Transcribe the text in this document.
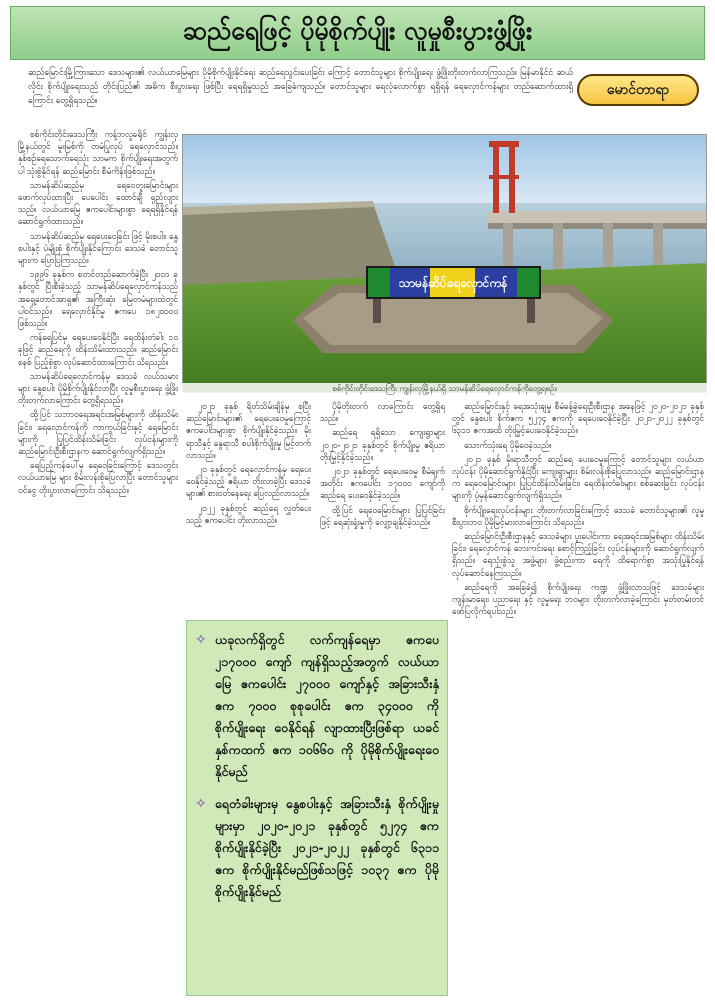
ဆည်ရေဖြင့် ပိုမိုစိုက်ပျိုး လူမှုစီးပွားဖွံ့ဖြိုး
ဆည်မြောင်းမြို့ကြားသော ဒေသများ၏ လယ်ယာမြေများ ပိုမိုစိုက်ပျိုးနိုင်ရေး ဆည်ရေသွင်းပေးခြင်း ကြောင့် တောင်သူများ စိုက်ပျိုးရေး ဖွံ့ဖြိုးတိုးတက်လာကြသည်။ မြန်မာနိုင်ငံ ဆယ်လိုင်း စိုက်ပျိုးရေးသည် တိုင်းပြည်၏ အဓိက စီးပွားရေး ဖြစ်ပြီး ရေရရှိမှုသည် အခြေခံကျသည်။ တောင်သူများ ရေလုံလောက်စွာ ရရှိရန် ရေလှောင်ကန်များ တည်ဆောက်ထားရှိကြောင်း တွေ့ရှိရသည်။
မောင်တာရာ

စစ်ကိုင်းတိုင်းဒေသကြီး ကန့်ဘလူခရိုင် ကျွန်းလှမြို့နယ်တွင် မူးမြစ်ကို တမံပြုလုပ် ရေလှောင်သည်။ နှစ်စဉ်ရေသောက်ရေသုံး သာမက စိုက်ပျိုးရေးအတွက်ပါ သုံးစွဲနိုင်ရန် ဆည်မြောင်း စီမံကိန်းဖြစ်သည်။

သာမန်ဆိပ်ဆည်မှ ရေဝေတူးမြောင်းများ ဖောက်လုပ်ထားပြီး ပေပေါင်း ထောင်ချီ ရှည်လျားသည်။ လယ်ယာမြေ ဧကပေါင်းများစွာ ရေရရှိနိုင်ရန် ဆောင်ရွက်ထားသည်။

သာမန်ဆိပ်ဆည်မှ ရေပေးဝေခြင်း ဖြင့် မိုးစပါး၊ နွေစပါးနှင့် ပဲမျိုးစုံ စိုက်ပျိုးနိုင်ကြောင်း ဒေသခံ တောင်သူများက ပြောပြကြသည်။

၁၉၉၆ ခုနှစ်က စတင်တည်ဆောက်ခဲ့ပြီး ၂၀၀၁ ခုနှစ်တွင် ပြီးစီးခဲ့သည့် သာမန်ဆိပ်ရေလှောင်ကန်သည် အရှေ့တောင်အာရှ၏ အကြီးဆုံး မြေတမံများထဲတွင် ပါဝင်သည်။ ရေလှောင်နိုင်မှု ဧကပေ ၁၈၂၀၀၀၀ ဖြစ်သည်။

ကန်ရေပြင်မှ ရေပေးဝေနိုင်ပြီး ရေထိန်းတံခါး ၁၀ ခုဖြင့် ဆည်ရေကို ထိန်းသိမ်းထားသည်။ ဆည်မြောင်းစနစ် ပြည့်စုံစွာ လုပ်ဆောင်ထားကြောင်း သိရသည်။

သာမန်ဆိပ်ရေလှောင်ကန်မှ ဒေသခံ လယ်သမားများ နွေစပါး ပိုမိုစိုက်ပျိုးနိုင်လာပြီး လူမှုစီးပွားရေး ဖွံ့ဖြိုးတိုးတက်လာကြောင်း တွေ့ရှိရသည်။

ထို့ပြင် သဘာဝရေအရင်းအမြစ်များကို ထိန်းသိမ်းခြင်း၊ ရေလှောင်ကန်ကို ကာကွယ်ခြင်းနှင့် ရေမြောင်းများကို ပြုပြင်ထိန်းသိမ်းခြင်း လုပ်ငန်းများကို ဆည်မြောင်းဦးစီးဌာနက ဆောင်ရွက်လျက်ရှိသည်။

ရေပြည့်ကန်ပေါ်မှ ရေဝေခြင်းကြောင့် ဒေသတွင်း လယ်ယာမြေ များ စိမ်းလန်းစိုပြေလာပြီး တောင်သူများ ဝင်ငွေ တိုးပွားလာကြောင်း သိရသည်။

သာမန်ဆိပ်ရေလှောင်ကန်
စစ်ကိုင်းတိုင်းဒေသကြီး ကျွန်းလှမြို့နယ်ရှိ သာမန်ဆိပ်ရေလှောင်ကန်ကိုတွေ့ရစဉ်။

၂၀၂၁ ခုနှစ် ရိတ်သိမ်းချိန်မှ စပြီး ဆည်မြောင်းများ၏ ရေပေးဝေမှုကြောင့် ဧကပေါင်းများစွာ စိုက်ပျိုးနိုင်ခဲ့သည်။ မိုးရာသီနှင့် နွေရာသီ စပါးစိုက်ပျိုးမှု မြင့်တက်လာသည်။

၂၀ ခုနှစ်တွင် ရေလှောင်ကန်မှ ရေပေးဝေနိုင်ခဲ့သည့် ဧရိယာ တိုးလာခဲ့ပြီး ဒေသခံများ၏ စားဝတ်နေရေး ပြေလည်လာသည်။

၂၀၂၂ ခုနှစ်တွင် ဆည်ရေ လွှတ်ပေးသည့် ဧကပေါင်း တိုးလာသည်။

ပိုမိုတိုးတက် လာကြောင်း တွေ့ရှိရသည်။

ဆည်ရေ ရရှိသော ကျေးရွာများ ၂၀၂၀-၂၀၂၁ ခုနှစ်တွင် စိုက်ပျိုးမှု ဧရိယာ တိုးမြှင့်နိုင်ခဲ့သည်။

၂၀၂၁ ခုနှစ်တွင် ရေပေးဝေမှု စီမံချက် အတိုင်း ဧကပေါင်း ၁၇၀၀၀ ကျော်ကို ဆည်ရေ ပေးဝေနိုင်ခဲ့သည်။

ထို့ပြင် ရေဝေမြောင်းများ ပြုပြင်ခြင်းဖြင့် ရေဆုံးရှုံးမှုကို လျှော့ချနိုင်ခဲ့သည်။

ဆည်မြောင်းနှင့် ရေအသုံးချမှု စီမံခန့်ခွဲရေးဦးစီးဌာန အနေဖြင့် ၂၀၂၀-၂၀၂၁ ခုနှစ်တွင် နွေစပါး စိုက်ဧက ၅၂၇၄ ဧကကို ရေပေးဝေနိုင်ခဲ့ပြီး ၂၀၂၁-၂၀၂၂ ခုနှစ်တွင် ၆၃၁၁ ဧကအထိ တိုးမြှင့်ပေးဝေနိုင်ခဲ့သည်။

သောက်သုံးရေ ပိုမိုဝေခဲ့သည်။

၂၀၂၁ ခုနှစ် မိုးရာသီတွင် ဆည်ရေ ပေးဝေမှုကြောင့် တောင်သူများ လယ်ယာလုပ်ငန်း ပိုမိုဆောင်ရွက်နိုင်ပြီး ကျေးရွာများ စိမ်းလန်းစိုပြေလာသည်။ ဆည်မြောင်းဌာနက ရေဝေမြောင်းများ ပြုပြင်ထိန်းသိမ်းခြင်း၊ ရေထိန်းတံခါးများ စစ်ဆေးခြင်း လုပ်ငန်းများကို ပုံမှန်ဆောင်ရွက်လျက်ရှိသည်။

စိုက်ပျိုးရေးလုပ်ငန်းများ တိုးတက်လာခြင်းကြောင့် ဒေသခံ တောင်သူများ၏ လူမှုစီးပွားဘဝ ပိုမိုမြင့်မားလာကြောင်း သိရသည်။

ဆည်မြောင်းဦးစီးဌာနနှင့် ဒေသခံများ ပူးပေါင်းကာ ရေအရင်းအမြစ်များ ထိန်းသိမ်းခြင်း၊ ရေလှောင်ကန် ဘေးကင်းရေး စောင့်ကြည့်ခြင်း လုပ်ငန်းများကို ဆောင်ရွက်လျက်ရှိသည်။ ရေသုံးစွဲသူ အဖွဲ့များ ဖွဲ့စည်းကာ ရေကို ထိရောက်စွာ အသုံးပြုနိုင်ရန် လုပ်ဆောင်နေကြသည်။

ဆည်ရေကို အခြေခံ၍ စိုက်ပျိုးရေး ကဏ္ဍ ဖွံ့ဖြိုးလာသဖြင့် ဒေသခံများ ကျန်းမာရေး၊ ပညာရေး နှင့် လူမှုရေး ဘဝများ တိုးတက်လာခဲ့ကြောင်း မှတ်တမ်းတင် ဖော်ပြလိုက်ရပါသည်။

✧ ယခုလက်ရှိတွင် လက်ကျန်ရေမှာ ဧကပေ ၂၁၇၀၀၀ ကျော် ကျန်ရှိသည့်အတွက် လယ်ယာမြေ ဧကပေါင်း ၂၇၀၀၀ ကျော်နှင့် အခြားသီးနှံ ဧက ၇၀၀၀ စုစုပေါင်း ဧက ၃၄၀၀၀ ကို စိုက်ပျိုးရေး ဝေနိုင်ရန် လျာထားပြီးဖြစ်ရာ ယခင်နှစ်ကထက် ဧက ၁၀၆၆၀ ကို ပိုမိုစိုက်ပျိုးရေးဝေနိုင်မည်
✧ ရေတံခါးများမှ နွေစပါးနှင့် အခြားသီးနှံ စိုက်ပျိုးမှုများမှာ ၂၀၂၀-၂၀၂၁ ခုနှစ်တွင် ၅၂၇၄ ဧက စိုက်ပျိုးနိုင်ခဲ့ပြီး ၂၀၂၁-၂၀၂၂ ခုနှစ်တွင် ၆၃၁၁ ဧက စိုက်ပျိုးနိုင်မည်ဖြစ်သဖြင့် ၁၀၃၇ ဧက ပိုမိုစိုက်ပျိုးနိုင်မည်
